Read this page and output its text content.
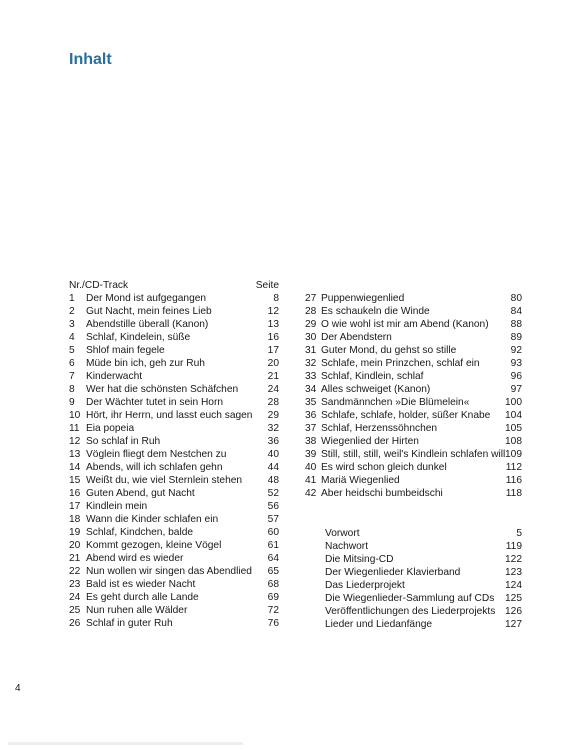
Inhalt
Nr./CD-Track	Seite
1	Der Mond ist aufgegangen	8
2	Gut Nacht, mein feines Lieb	12
3	Abendstille überall (Kanon)	13
4	Schlaf, Kindelein, süße	16
5	Shlof main fegele	17
6	Müde bin ich, geh zur Ruh	20
7	Kinderwacht	21
8	Wer hat die schönsten Schäfchen	24
9	Der Wächter tutet in sein Horn	28
10 Hört, ihr Herrn, und lasst euch sagen 29
11 Eia popeia	32
12 So schlaf in Ruh	36
13 Vöglein fliegt dem Nestchen zu	40
14 Abends, will ich schlafen gehn	44
15 Weißt du, wie viel Sternlein stehen	48
16 Guten Abend, gut Nacht	52
17 Kindlein mein	56
18 Wann die Kinder schlafen ein	57
19 Schlaf, Kindchen, balde	60
20 Kommt gezogen, kleine Vögel	61
21 Abend wird es wieder	64
22 Nun wollen wir singen das Abendlied 65
23 Bald ist es wieder Nacht	68
24 Es geht durch alle Lande	69
25 Nun ruhen alle Wälder	72
26 Schlaf in guter Ruh	76
27 Puppenwiegenlied	80
28 Es schaukeln die Winde	84
29 O wie wohl ist mir am Abend (Kanon) 88
30 Der Abendstern	89
31 Guter Mond, du gehst so stille	92
32 Schlafe, mein Prinzchen, schlaf ein	93
33 Schlaf, Kindlein, schlaf	96
34 Alles schweiget (Kanon)	97
35 Sandmännchen »Die Blümelein«	100
36 Schlafe, schlafe, holder, süßer Knabe 104
37 Schlaf, Herzenssöhnchen	105
38 Wiegenlied der Hirten	108
39 Still, still, still, weil's Kindlein schlafen will 109
40 Es wird schon gleich dunkel	112
41 Mariä Wiegenlied	116
42 Aber heidschi bumbeidschi	118
Vorwort	5
Nachwort	119
Die Mitsing-CD	122
Der Wiegenlieder Klavierband	123
Das Liederprojekt	124
Die Wiegenlieder-Sammlung auf CDs 125
Veröffentlichungen des Liederprojekts 126
Lieder und Liedanfänge	127
4
